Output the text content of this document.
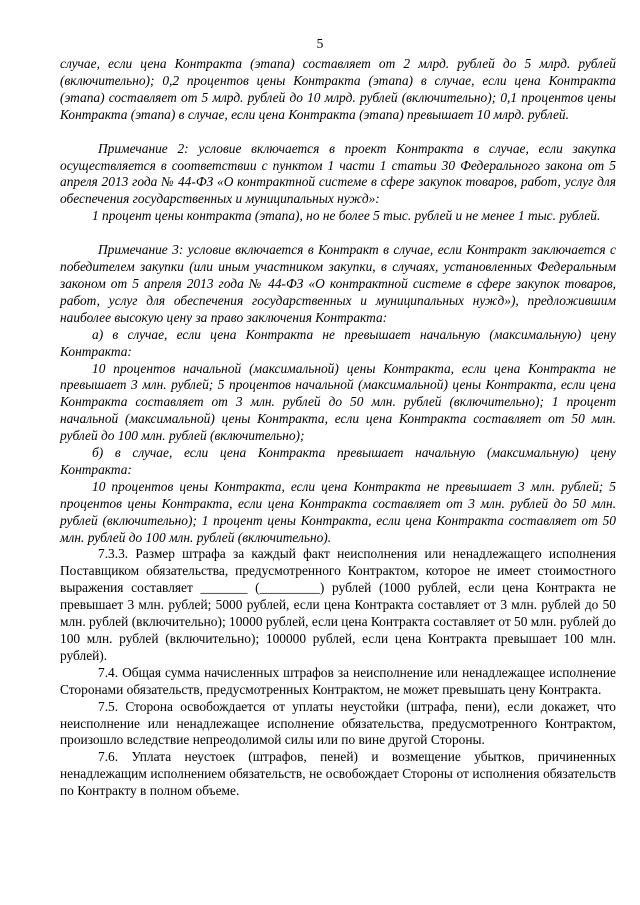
5

случае, если цена Контракта (этапа) составляет от 2 млрд. рублей до 5 млрд. рублей (включительно); 0,2 процентов цены Контракта (этапа) в случае, если цена Контракта (этапа) составляет от 5 млрд. рублей до 10 млрд. рублей (включительно); 0,1 процентов цены Контракта (этапа) в случае, если цена Контракта (этапа) превышает 10 млрд. рублей.

Примечание 2: условие включается в проект Контракта в случае, если закупка осуществляется в соответствии с пунктом 1 части 1 статьи 30 Федерального закона от 5 апреля 2013 года № 44-ФЗ «О контрактной системе в сфере закупок товаров, работ, услуг для обеспечения государственных и муниципальных нужд»:

1 процент цены контракта (этапа), но не более 5 тыс. рублей и не менее 1 тыс. рублей.

Примечание 3: условие включается в Контракт в случае, если Контракт заключается с победителем закупки (или иным участником закупки, в случаях, установленных Федеральным законом от 5 апреля 2013 года № 44-ФЗ «О контрактной системе в сфере закупок товаров, работ, услуг для обеспечения государственных и муниципальных нужд»), предложившим наиболее высокую цену за право заключения Контракта:

а) в случае, если цена Контракта не превышает начальную (максимальную) цену Контракта:

10 процентов начальной (максимальной) цены Контракта, если цена Контракта не превышает 3 млн. рублей; 5 процентов начальной (максимальной) цены Контракта, если цена Контракта составляет от 3 млн. рублей до 50 млн. рублей (включительно); 1 процент начальной (максимальной) цены Контракта, если цена Контракта составляет от 50 млн. рублей до 100 млн. рублей (включительно);

б) в случае, если цена Контракта превышает начальную (максимальную) цену Контракта:

10 процентов цены Контракта, если цена Контракта не превышает 3 млн. рублей; 5 процентов цены Контракта, если цена Контракта составляет от 3 млн. рублей до 50 млн. рублей (включительно); 1 процент цены Контракта, если цена Контракта составляет от 50 млн. рублей до 100 млн. рублей (включительно).

7.3.3. Размер штрафа за каждый факт неисполнения или ненадлежащего исполнения Поставщиком обязательства, предусмотренного Контрактом, которое не имеет стоимостного выражения составляет _______ (_________) рублей (1000 рублей, если цена Контракта не превышает 3 млн. рублей; 5000 рублей, если цена Контракта составляет от 3 млн. рублей до 50 млн. рублей (включительно); 10000 рублей, если цена Контракта составляет от 50 млн. рублей до 100 млн. рублей (включительно); 100000 рублей, если цена Контракта превышает 100 млн. рублей).

7.4. Общая сумма начисленных штрафов за неисполнение или ненадлежащее исполнение Сторонами обязательств, предусмотренных Контрактом, не может превышать цену Контракта.

7.5. Сторона освобождается от уплаты неустойки (штрафа, пени), если докажет, что неисполнение или ненадлежащее исполнение обязательства, предусмотренного Контрактом, произошло вследствие непреодолимой силы или по вине другой Стороны.

7.6. Уплата неустоек (штрафов, пеней) и возмещение убытков, причиненных ненадлежащим исполнением обязательств, не освобождает Стороны от исполнения обязательств по Контракту в полном объеме.
